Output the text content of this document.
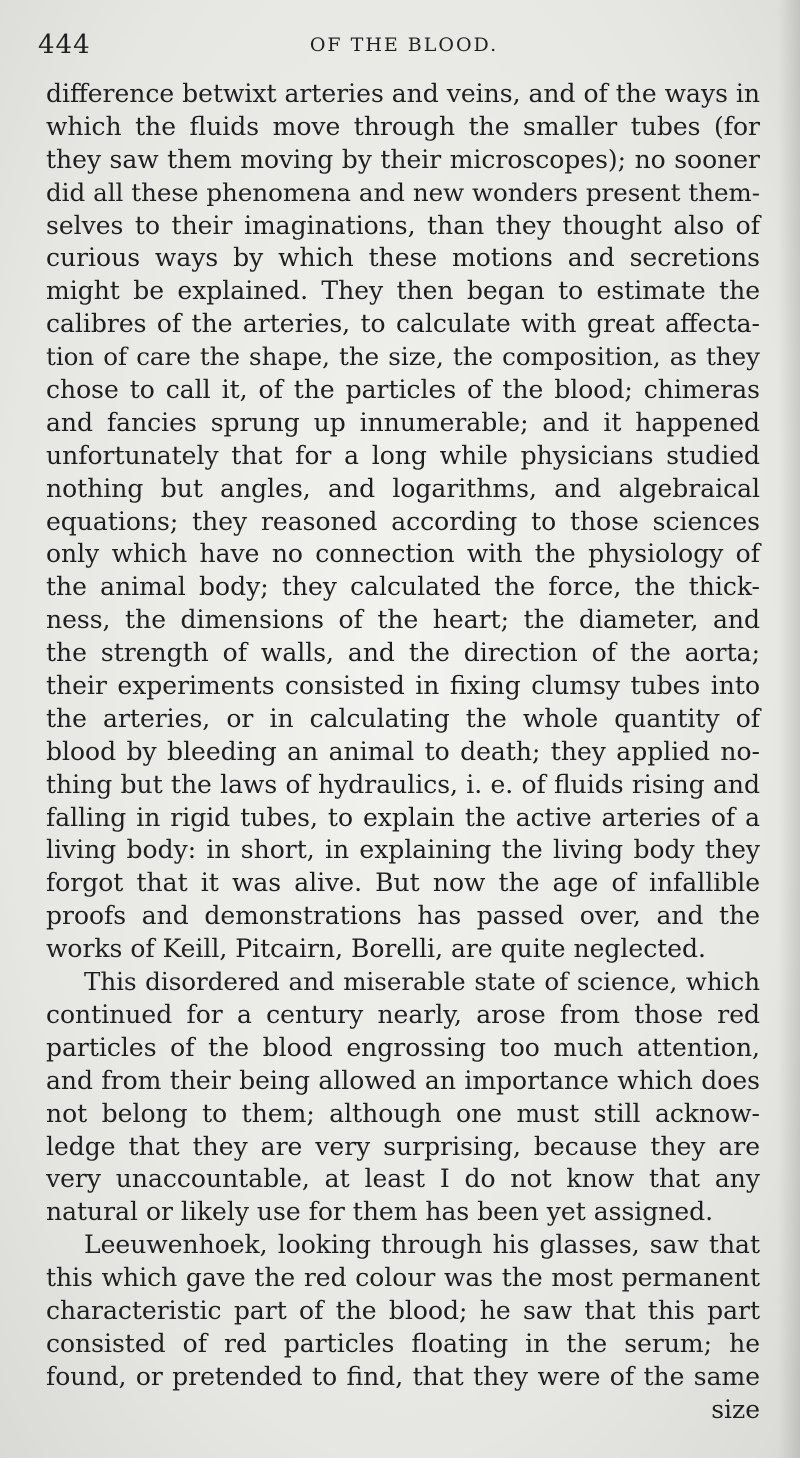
444	OF THE BLOOD.
difference betwixt arteries and veins, and of the ways in
which the fluids move through the smaller tubes (for
they saw them moving by their microscopes); no sooner
did all these phenomena and new wonders present them-
selves to their imaginations, than they thought also of
curious ways by which these motions and secretions
might be explained. They then began to estimate the
calibres of the arteries, to calculate with great affecta-
tion of care the shape, the size, the composition, as they
chose to call it, of the particles of the blood; chimeras
and fancies sprung up innumerable; and it happened
unfortunately that for a long while physicians studied
nothing but angles, and logarithms, and algebraical
equations; they reasoned according to those sciences
only which have no connection with the physiology of
the animal body; they calculated the force, the thick-
ness, the dimensions of the heart; the diameter, and
the strength of walls, and the direction of the aorta;
their experiments consisted in fixing clumsy tubes into
the arteries, or in calculating the whole quantity of
blood by bleeding an animal to death; they applied no-
thing but the laws of hydraulics, i. e. of fluids rising and
falling in rigid tubes, to explain the active arteries of a
living body: in short, in explaining the living body they
forgot that it was alive. But now the age of infallible
proofs and demonstrations has passed over, and the
works of Keill, Pitcairn, Borelli, are quite neglected.
This disordered and miserable state of science, which
continued for a century nearly, arose from those red
particles of the blood engrossing too much attention,
and from their being allowed an importance which does
not belong to them; although one must still acknow-
ledge that they are very surprising, because they are
very unaccountable, at least I do not know that any
natural or likely use for them has been yet assigned.
Leeuwenhoek, looking through his glasses, saw that
this which gave the red colour was the most permanent
characteristic part of the blood; he saw that this part
consisted of red particles floating in the serum; he
found, or pretended to find, that they were of the same
size
